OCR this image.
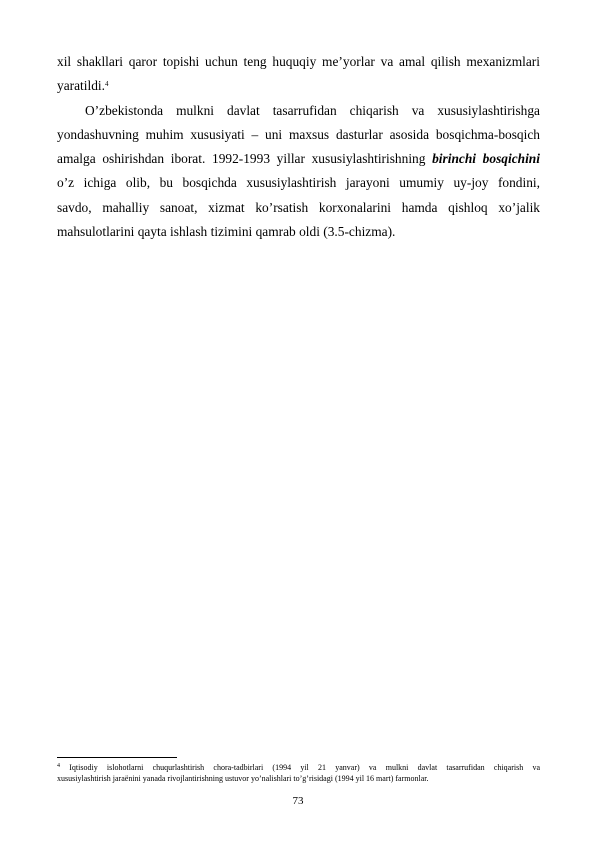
xil shakllari qaror topishi uchun teng huquqiy me’yorlar va amal qilish mexanizmlari
yaratildi.$^4$
O’zbekistonda mulkni davlat tasarrufidan chiqarish va xususiylashtirishga
yondashuvning muhim xususiyati – uni maxsus dasturlar asosida bosqichma-bosqich
amalga oshirishdan iborat. 1992-1993 yillar xususiylashtirishning birinchi bosqichini
o’z ichiga olib, bu bosqichda xususiylashtirish jarayoni umumiy uy-joy fondini,
savdo, mahalliy sanoat, xizmat ko’rsatish korxonalarini hamda qishloq xo’jalik
mahsulotlarini qayta ishlash tizimini qamrab oldi (3.5-chizma).
$^4$ Iqtisodiy islohotlarni chuqurlashtirish chora-tadbirlari (1994 yil 21 yanvar) va mulkni davlat tasarrufidan chiqarish va
xususiylashtirish jaraёnini yanada rivojlantirishning ustuvor yo’nalishlari to’g’risidagi (1994 yil 16 mart) farmonlar.
73
